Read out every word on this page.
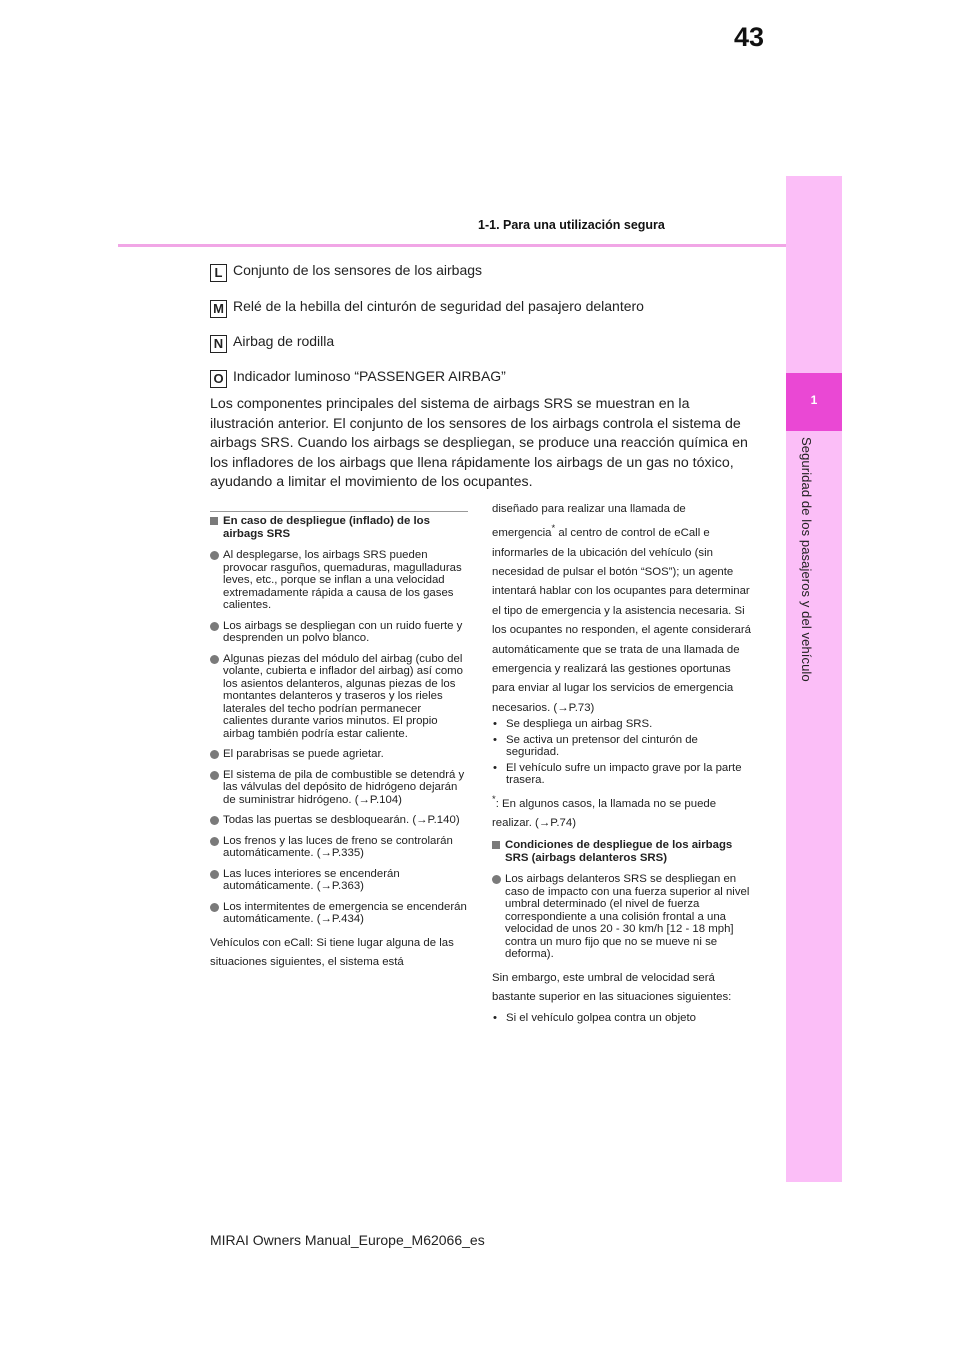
1
Seguridad de los pasajeros y del vehículo
43
1-1. Para una utilización segura
L Conjunto de los sensores de los airbags
M Relé de la hebilla del cinturón de seguridad del pasajero delantero
N Airbag de rodilla
O Indicador luminoso “PASSENGER AIRBAG”
Los componentes principales del sistema de airbags SRS se muestran en la ilustración anterior. El conjunto de los sensores de los airbags controla el sistema de airbags SRS. Cuando los airbags se despliegan, se produce una reacción química en los infladores de los airbags que llena rápidamente los airbags de un gas no tóxico, ayudando a limitar el movimiento de los ocupantes.
En caso de despliegue (inflado) de los airbags SRS
Al desplegarse, los airbags SRS pueden provocar rasguños, quemaduras, magulladuras leves, etc., porque se inflan a una velocidad extremadamente rápida a causa de los gases calientes.
Los airbags se despliegan con un ruido fuerte y desprenden un polvo blanco.
Algunas piezas del módulo del airbag (cubo del volante, cubierta e inflador del airbag) así como los asientos delanteros, algunas piezas de los montantes delanteros y traseros y los rieles laterales del techo podrían permanecer calientes durante varios minutos. El propio airbag también podría estar caliente.
El parabrisas se puede agrietar.
El sistema de pila de combustible se detendrá y las válvulas del depósito de hidrógeno dejarán de suministrar hidrógeno. (→P.104)
Todas las puertas se desbloquearán. (→P.140)
Los frenos y las luces de freno se controlarán automáticamente. (→P.335)
Las luces interiores se encenderán automáticamente. (→P.363)
Los intermitentes de emergencia se encenderán automáticamente. (→P.434)
Vehículos con eCall: Si tiene lugar alguna de las situaciones siguientes, el sistema está
diseñado para realizar una llamada de emergencia* al centro de control de eCall e informarles de la ubicación del vehículo (sin necesidad de pulsar el botón “SOS”); un agente intentará hablar con los ocupantes para determinar el tipo de emergencia y la asistencia necesaria. Si los ocupantes no responden, el agente considerará automáticamente que se trata de una llamada de emergencia y realizará las gestiones oportunas para enviar al lugar los servicios de emergencia necesarios. (→P.73)
• Se despliega un airbag SRS.
• Se activa un pretensor del cinturón de seguridad.
• El vehículo sufre un impacto grave por la parte trasera.
*: En algunos casos, la llamada no se puede realizar. (→P.74)
Condiciones de despliegue de los airbags SRS (airbags delanteros SRS)
Los airbags delanteros SRS se despliegan en caso de impacto con una fuerza superior al nivel umbral determinado (el nivel de fuerza correspondiente a una colisión frontal a una velocidad de unos 20 - 30 km/h [12 - 18 mph] contra un muro fijo que no se mueve ni se deforma).
Sin embargo, este umbral de velocidad será bastante superior en las situaciones siguientes:
• Si el vehículo golpea contra un objeto
MIRAI Owners Manual_Europe_M62066_es
